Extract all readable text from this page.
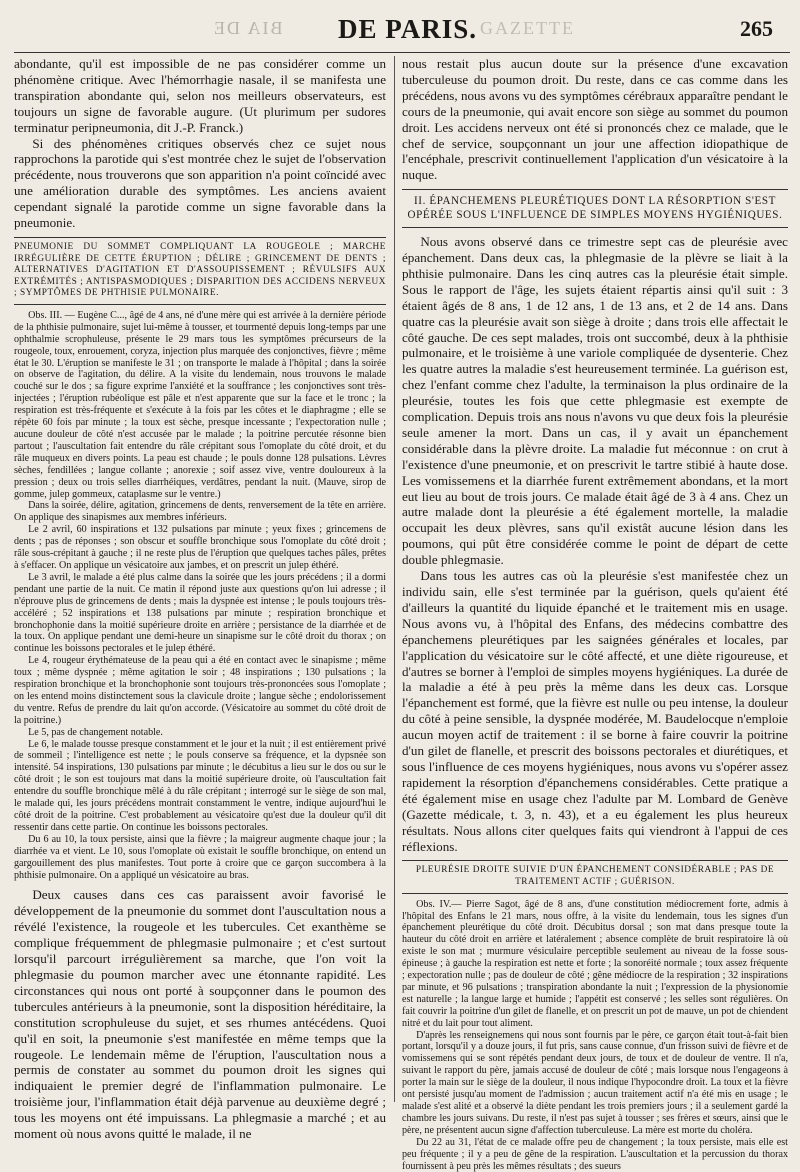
BIA DE DE PARIS. GAZETTE	265

abondante, qu'il est impossible de ne pas considérer comme un phénomène critique. Avec l'hémorrhagie nasale, il se manifesta une transpiration abondante qui, selon nos meilleurs observateurs, est toujours un signe de favorable augure. (Ut plurimum per sudores terminatur peripneumonia, dit J.-P. Franck.)

Si des phénomènes critiques observés chez ce sujet nous rapprochons la parotide qui s'est montrée chez le sujet de l'observation précédente, nous trouverons que son apparition n'a point coïncidé avec une amélioration durable des symptômes. Les anciens avaient cependant signalé la parotide comme un signe favorable dans la pneumonie.

PNEUMONIE DU SOMMET COMPLIQUANT LA ROUGEOLE ; MARCHE IRRÉGULIÈRE DE CETTE ÉRUPTION ; DÉLIRE ; GRINCEMENT DE DENTS ; ALTERNATIVES D'AGITATION ET D'ASSOUPISSEMENT ; RÉVULSIFS AUX EXTRÉMITÉS ; ANTISPASMODIQUES ; DISPARITION DES ACCIDENS NERVEUX ; SYMPTÔMES DE PHTHISIE PULMONAIRE.

Obs. III. — Eugène C..., âgé de 4 ans, né d'une mère qui est arrivée à la dernière période de la phthisie pulmonaire, sujet lui-même à tousser, et tourmenté depuis long-temps par une ophthalmie scrophuleuse, présente le 29 mars tous les symptômes précurseurs de la rougeole, toux, enrouement, coryza, injection plus marquée des conjonctives, fièvre ; même état le 30. L'éruption se manifeste le 31 ; on transporte le malade à l'hôpital ; dans la soirée on observe de l'agitation, du délire. A la visite du lendemain, nous trouvons le malade couché sur le dos ; sa figure exprime l'anxiété et la souffrance ; les conjonctives sont très-injectées ; l'éruption rubéolique est pâle et n'est apparente que sur la face et le tronc ; la respiration est très-fréquente et s'exécute à la fois par les côtes et le diaphragme ; elle se répète 60 fois par minute ; la toux est sèche, presque incessante ; l'expectoration nulle ; aucune douleur de côté n'est accusée par le malade ; la poitrine percutée résonne bien partout ; l'auscultation fait entendre du râle crépitant sous l'omoplate du côté droit, et du râle muqueux en divers points. La peau est chaude ; le pouls donne 128 pulsations. Lèvres sèches, fendillées ; langue collante ; anorexie ; soif assez vive, ventre douloureux à la pression ; deux ou trois selles diarrhéiques, verdâtres, pendant la nuit. (Mauve, sirop de gomme, julep gommeux, cataplasme sur le ventre.)

Dans la soirée, délire, agitation, grincemens de dents, renversement de la tête en arrière. On applique des sinapismes aux membres inférieurs.

Le 2 avril, 60 inspirations et 132 pulsations par minute ; yeux fixes ; grincemens de dents ; pas de réponses ; son obscur et souffle bronchique sous l'omoplate du côté droit ; râle sous-crépitant à gauche ; il ne reste plus de l'éruption que quelques taches pâles, prêtes à s'effacer. On applique un vésicatoire aux jambes, et on prescrit un julep éthéré.

Le 3 avril, le malade a été plus calme dans la soirée que les jours précédens ; il a dormi pendant une partie de la nuit. Ce matin il répond juste aux questions qu'on lui adresse ; il n'éprouve plus de grincemens de dents ; mais la dyspnée est intense ; le pouls toujours très-accéléré ; 52 inspirations et 138 pulsations par minute ; respiration bronchique et bronchophonie dans la moitié supérieure droite en arrière ; persistance de la diarrhée et de la toux. On applique pendant une demi-heure un sinapisme sur le côté droit du thorax ; on continue les boissons pectorales et le julep éthéré.

Le 4, rougeur érythémateuse de la peau qui a été en contact avec le sinapisme ; même toux ; même dyspnée ; même agitation le soir ; 48 inspirations ; 130 pulsations ; la respiration bronchique et la bronchophonie sont toujours très-prononcées sous l'omoplate ; on les entend moins distinctement sous la clavicule droite ; langue sèche ; endolorissement du ventre. Refus de prendre du lait qu'on accorde. (Vésicatoire au sommet du côté droit de la poitrine.)

Le 5, pas de changement notable.

Le 6, le malade tousse presque constamment et le jour et la nuit ; il est entièrement privé de sommeil ; l'intelligence est nette ; le pouls conserve sa fréquence, et la dypsnée son intensité. 54 inspirations, 130 pulsations par minute ; le décubitus a lieu sur le dos ou sur le côté droit ; le son est toujours mat dans la moitié supérieure droite, où l'auscultation fait entendre du souffle bronchique mêlé à du râle crépitant ; interrogé sur le siège de son mal, le malade qui, les jours précédens montrait constamment le ventre, indique aujourd'hui le côté droit de la poitrine. C'est probablement au vésicatoire qu'est due la douleur qu'il dit ressentir dans cette partie. On continue les boissons pectorales.

Du 6 au 10, la toux persiste, ainsi que la fièvre ; la maigreur augmente chaque jour ; la diarrhée va et vient. Le 10, sous l'omoplate où existait le souffle bronchique, on entend un gargouillement des plus manifestes. Tout porte à croire que ce garçon succombera à la phthisie pulmonaire. On a appliqué un vésicatoire au bras.

Deux causes dans ces cas paraissent avoir favorisé le développement de la pneumonie du sommet dont l'auscultation nous a révélé l'existence, la rougeole et les tubercules. Cet exanthème se complique fréquemment de phlegmasie pulmonaire ; et c'est surtout lorsqu'il parcourt irrégulièrement sa marche, que l'on voit la phlegmasie du poumon marcher avec une étonnante rapidité. Les circonstances qui nous ont porté à soupçonner dans le poumon des tubercules antérieurs à la pneumonie, sont la disposition héréditaire, la constitution scrophuleuse du sujet, et ses rhumes antécédens. Quoi qu'il en soit, la pneumonie s'est manifestée en même temps que la rougeole. Le lendemain même de l'éruption, l'auscultation nous a permis de constater au sommet du poumon droit les signes qui indiquaient le premier degré de l'inflammation pulmonaire. Le troisième jour, l'inflammation était déjà parvenue au deuxième degré ; tous les moyens ont été impuissans. La phlegmasie a marché ; et au moment où nous avons quitté le malade, il ne

nous restait plus aucun doute sur la présence d'une excavation tuberculeuse du poumon droit. Du reste, dans ce cas comme dans les précédens, nous avons vu des symptômes cérébraux apparaître pendant le cours de la pneumonie, qui avait encore son siège au sommet du poumon droit. Les accidens nerveux ont été si prononcés chez ce malade, que le chef de service, soupçonnant un jour une affection idiopathique de l'encéphale, prescrivit continuellement l'application d'un vésicatoire à la nuque.

II. ÉPANCHEMENS PLEURÉTIQUES DONT LA RÉSORPTION S'EST OPÉRÉE SOUS L'INFLUENCE DE SIMPLES MOYENS HYGIÉNIQUES.

Nous avons observé dans ce trimestre sept cas de pleurésie avec épanchement. Dans deux cas, la phlegmasie de la plèvre se liait à la phthisie pulmonaire. Dans les cinq autres cas la pleurésie était simple. Sous le rapport de l'âge, les sujets étaient répartis ainsi qu'il suit : 3 étaient âgés de 8 ans, 1 de 12 ans, 1 de 13 ans, et 2 de 14 ans. Dans quatre cas la pleurésie avait son siège à droite ; dans trois elle affectait le côté gauche. De ces sept malades, trois ont succombé, deux à la phthisie pulmonaire, et le troisième à une variole compliquée de dysenterie. Chez les quatre autres la maladie s'est heureusement terminée. La guérison est, chez l'enfant comme chez l'adulte, la terminaison la plus ordinaire de la pleurésie, toutes les fois que cette phlegmasie est exempte de complication. Depuis trois ans nous n'avons vu que deux fois la pleurésie seule amener la mort. Dans un cas, il y avait un épanchement considérable dans la plèvre droite. La maladie fut méconnue : on crut à l'existence d'une pneumonie, et on prescrivit le tartre stibié à haute dose. Les vomissemens et la diarrhée furent extrêmement abondans, et la mort eut lieu au bout de trois jours. Ce malade était âgé de 3 à 4 ans. Chez un autre malade dont la pleurésie a été également mortelle, la maladie occupait les deux plèvres, sans qu'il existât aucune lésion dans les poumons, qui pût être considérée comme le point de départ de cette double phlegmasie.

Dans tous les autres cas où la pleurésie s'est manifestée chez un individu sain, elle s'est terminée par la guérison, quels qu'aient été d'ailleurs la quantité du liquide épanché et le traitement mis en usage. Nous avons vu, à l'hôpital des Enfans, des médecins combattre des épanchemens pleurétiques par les saignées générales et locales, par l'application du vésicatoire sur le côté affecté, et une diète rigoureuse, et d'autres se borner à l'emploi de simples moyens hygiéniques. La durée de la maladie a été à peu près la même dans les deux cas. Lorsque l'épanchement est formé, que la fièvre est nulle ou peu intense, la douleur du côté à peine sensible, la dyspnée modérée, M. Baudelocque n'emploie aucun moyen actif de traitement : il se borne à faire couvrir la poitrine d'un gilet de flanelle, et prescrit des boissons pectorales et diurétiques, et sous l'influence de ces moyens hygiéniques, nous avons vu s'opérer assez rapidement la résorption d'épanchemens considérables. Cette pratique a été également mise en usage chez l'adulte par M. Lombard de Genève (Gazette médicale, t. 3, n. 43), et a eu également les plus heureux résultats. Nous allons citer quelques faits qui viendront à l'appui de ces réflexions.

PLEURÉSIE DROITE SUIVIE D'UN ÉPANCHEMENT CONSIDÉRABLE ; PAS DE TRAITEMENT ACTIF ; GUÉRISON.

Obs. IV.— Pierre Sagot, âgé de 8 ans, d'une constitution médiocrement forte, admis à l'hôpital des Enfans le 21 mars, nous offre, à la visite du lendemain, tous les signes d'un épanchement pleurétique du côté droit. Décubitus dorsal ; son mat dans presque toute la hauteur du côté droit en arrière et latéralement ; absence complète de bruit respiratoire là où existe le son mat ; murmure vésiculaire perceptible seulement au niveau de la fosse sous-épineuse ; à gauche la respiration est nette et forte ; la sonoréité normale ; toux assez fréquente ; expectoration nulle ; pas de douleur de côté ; gêne médiocre de la respiration ; 32 inspirations par minute, et 96 pulsations ; transpiration abondante la nuit ; l'expression de la physionomie est naturelle ; la langue large et humide ; l'appétit est conservé ; les selles sont régulières. On fait couvrir la poitrine d'un gilet de flanelle, et on prescrit un pot de mauve, un pot de chiendent nitré et du lait pour tout aliment.

D'après les renseignemens qui nous sont fournis par le père, ce garçon était tout-à-fait bien portant, lorsqu'il y a douze jours, il fut pris, sans cause connue, d'un frisson suivi de fièvre et de vomissemens qui se sont répétés pendant deux jours, de toux et de douleur de ventre. Il n'a, suivant le rapport du père, jamais accusé de douleur de côté ; mais lorsque nous l'engageons à porter la main sur le siège de la douleur, il nous indique l'hypocondre droit. La toux et la fièvre ont persisté jusqu'au moment de l'admission ; aucun traitement actif n'a été mis en usage ; le malade s'est alité et a observé la diète pendant les trois premiers jours ; il a seulement gardé la chambre les jours suivans. Du reste, il n'est pas sujet à tousser ; ses frères et sœurs, ainsi que le père, ne présentent aucun signe d'affection tuberculeuse. La mère est morte du choléra.

Du 22 au 31, l'état de ce malade offre peu de changement ; la toux persiste, mais elle est peu fréquente ; il y a peu de gêne de la respiration. L'auscultation et la percussion du thorax fournissent à peu près les mêmes résultats ; des sueurs
